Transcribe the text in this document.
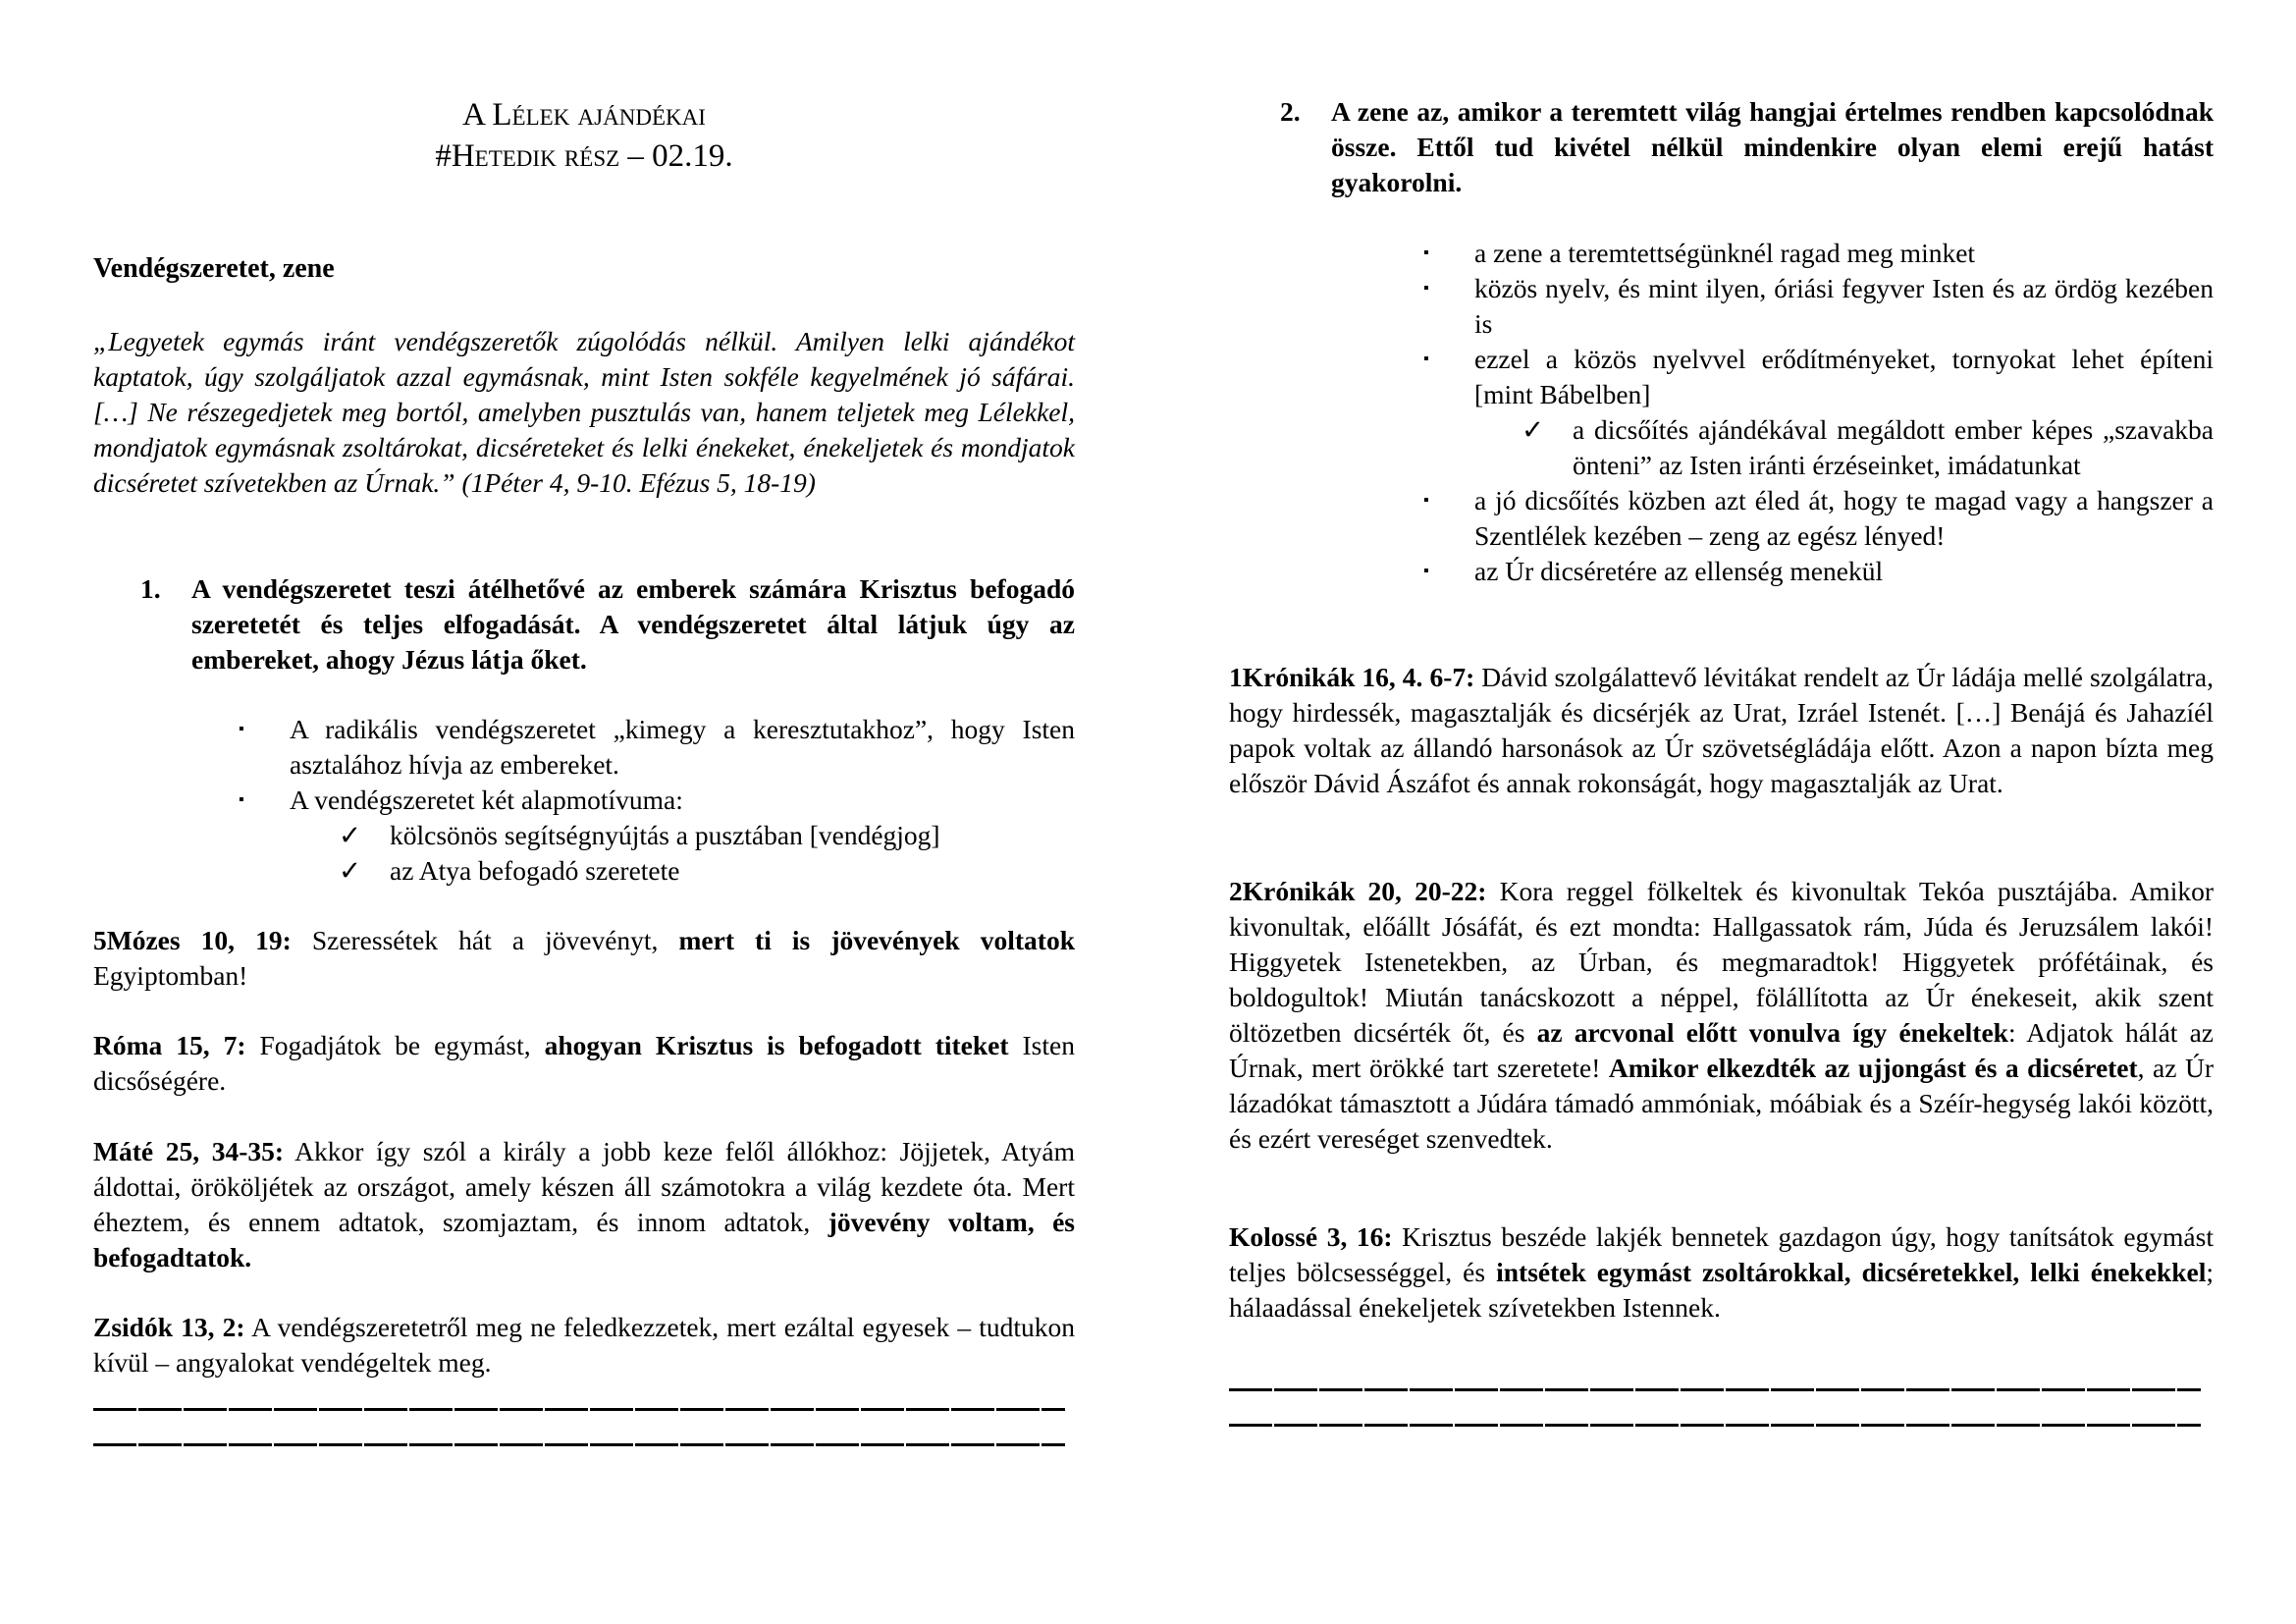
A Lélek ajándékai
#Hetedik rész – 02.19.
Vendégszeretet, zene

„Legyetek egymás iránt vendégszeretők zúgolódás nélkül. Amilyen lelki ajándékot kaptatok, úgy szolgáljatok azzal egymásnak, mint Isten sokféle kegyelmének jó sáfárai. […] Ne részegedjetek meg bortól, amelyben pusztulás van, hanem teljetek meg Lélekkel, mondjatok egymásnak zsoltárokat, dicséreteket és lelki énekeket, énekeljetek és mondjatok dicséretet szívetekben az Úrnak.” (1Péter 4, 9-10. Efézus 5, 18-19)

1.	A vendégszeretet teszi átélhetővé az emberek számára Krisztus befogadó szeretetét és teljes elfogadását. A vendégszeretet által látjuk úgy az embereket, ahogy Jézus látja őket.
▪	A radikális vendégszeretet „kimegy a keresztutakhoz”, hogy Isten asztalához hívja az embereket.
▪	A vendégszeretet két alapmotívuma:
✓	kölcsönös segítségnyújtás a pusztában [vendégjog]
✓	az Atya befogadó szeretete

5Mózes 10, 19: Szeressétek hát a jövevényt, mert ti is jövevények voltatok Egyiptomban!

Róma 15, 7: Fogadjátok be egymást, ahogyan Krisztus is befogadott titeket Isten dicsőségére.

Máté 25, 34-35: Akkor így szól a király a jobb keze felől állókhoz: Jöjjetek, Atyám áldottai, örököljétek az országot, amely készen áll számotokra a világ kezdete óta. Mert éheztem, és ennem adtatok, szomjaztam, és innom adtatok, jövevény voltam, és befogadtatok.

Zsidók 13, 2: A vendégszeretetről meg ne feledkezzetek, mert ezáltal egyesek – tudtukon kívül – angyalokat vendégeltek meg.

2.	A zene az, amikor a teremtett világ hangjai értelmes rendben kapcsolódnak össze. Ettől tud kivétel nélkül mindenkire olyan elemi erejű hatást gyakorolni.
▪	a zene a teremtettségünknél ragad meg minket
▪	közös nyelv, és mint ilyen, óriási fegyver Isten és az ördög kezében is
▪	ezzel a közös nyelvvel erődítményeket, tornyokat lehet építeni [mint Bábelben]
✓	a dicsőítés ajándékával megáldott ember képes „szavakba önteni” az Isten iránti érzéseinket, imádatunkat
▪	a jó dicsőítés közben azt éled át, hogy te magad vagy a hangszer a Szentlélek kezében – zeng az egész lényed!
▪	az Úr dicséretére az ellenség menekül

1Krónikák 16, 4. 6-7: Dávid szolgálattevő lévitákat rendelt az Úr ládája mellé szolgálatra, hogy hirdessék, magasztalják és dicsérjék az Urat, Izráel Istenét. […] Benájá és Jahazíél papok voltak az állandó harsonások az Úr szövetségládája előtt. Azon a napon bízta meg először Dávid Ászáfot és annak rokonságát, hogy magasztalják az Urat.

2Krónikák 20, 20-22: Kora reggel fölkeltek és kivonultak Tekóa pusztájába. Amikor kivonultak, előállt Jósáfát, és ezt mondta: Hallgassatok rám, Júda és Jeruzsálem lakói! Higgyetek Istenetekben, az Úrban, és megmaradtok! Higgyetek prófétáinak, és boldogultok! Miután tanácskozott a néppel, fölállította az Úr énekeseit, akik szent öltözetben dicsérték őt, és az arcvonal előtt vonulva így énekeltek: Adjatok hálát az Úrnak, mert örökké tart szeretete! Amikor elkezdték az ujjongást és a dicséretet, az Úr lázadókat támasztott a Júdára támadó ammóniak, móábiak és a Széír-hegység lakói között, és ezért vereséget szenvedtek.

Kolossé 3, 16: Krisztus beszéde lakjék bennetek gazdagon úgy, hogy tanítsátok egymást teljes bölcsességgel, és intsétek egymást zsoltárokkal, dicséretekkel, lelki énekekkel; hálaadással énekeljetek szívetekben Istennek.
